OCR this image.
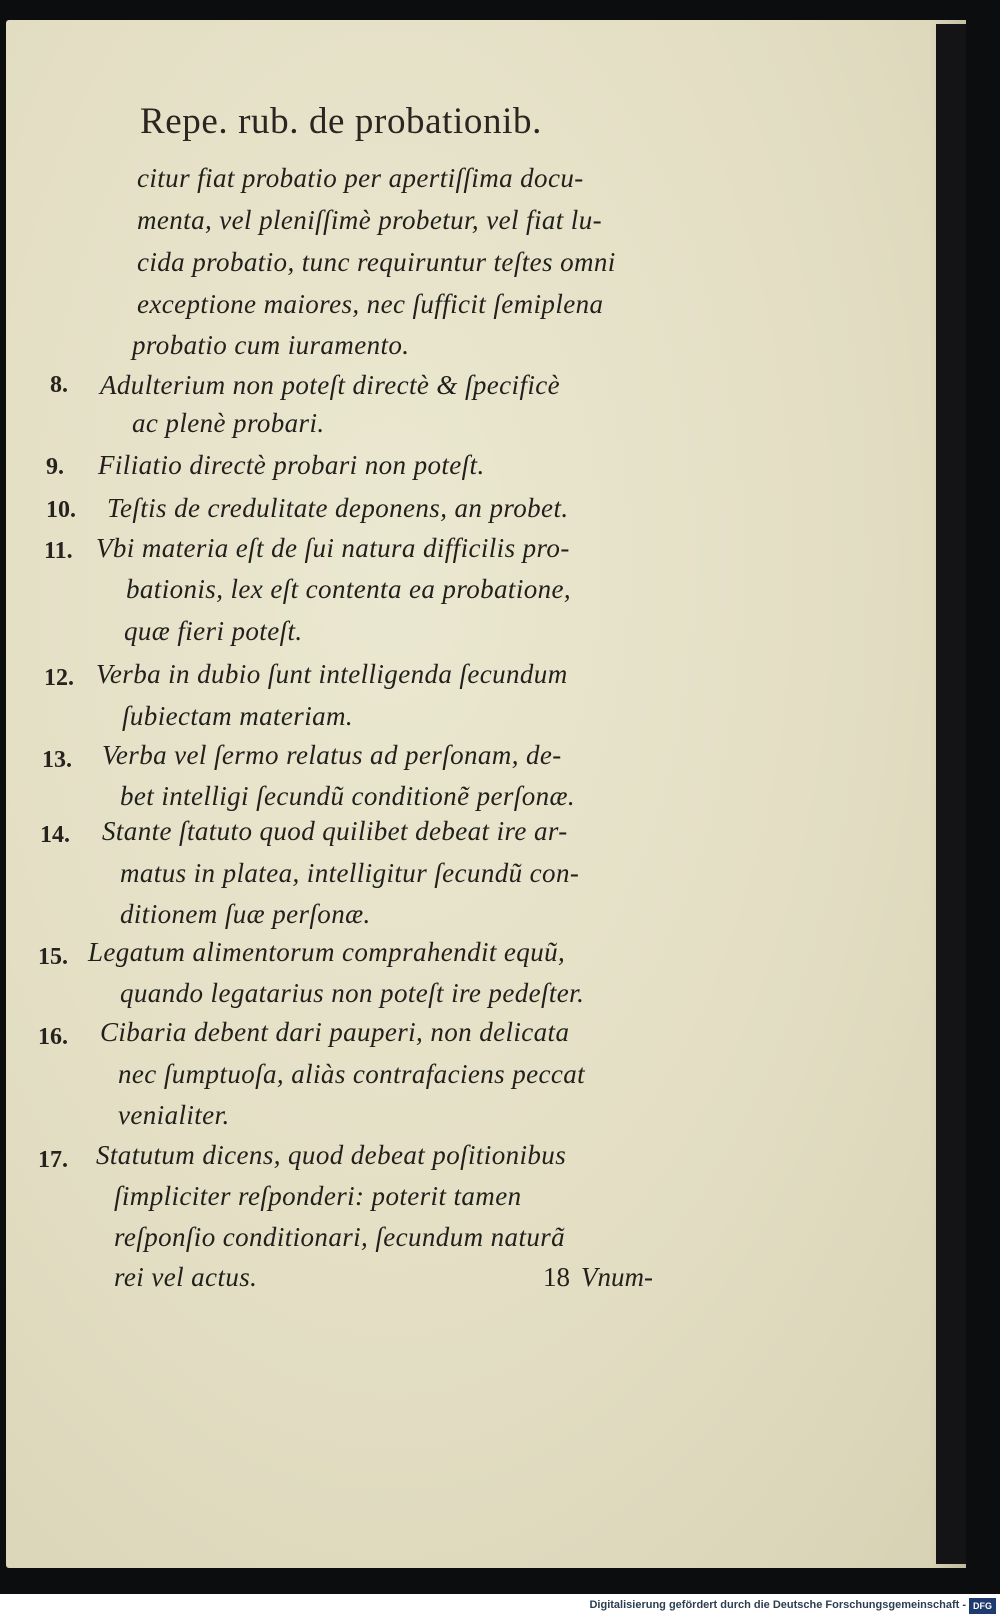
Repe. rub. de probationib.

citur fiat probatio per apertiſſima docu-

menta, vel pleniſſimè probetur, vel fiat lu-

cida probatio, tunc requiruntur teſtes omni

exceptione maiores, nec ſufficit ſemiplena

probatio cum iuramento.

8. Adulterium non poteſt directè & ſpecificè

ac plenè probari.

9. Filiatio directè probari non poteſt.

10. Teſtis de credulitate deponens, an probet.

11. Vbi materia eſt de ſui natura difficilis pro-

bationis, lex eſt contenta ea probatione,

quæ fieri poteſt.

12. Verba in dubio ſunt intelligenda ſecundum

ſubiectam materiam.

13. Verba vel ſermo relatus ad perſonam, de-

bet intelligi ſecundũ conditionẽ perſonæ.

14. Stante ſtatuto quod quilibet debeat ire ar-

matus in platea, intelligitur ſecundũ con-

ditionem ſuæ perſonæ.

15. Legatum alimentorum comprahendit equũ,

quando legatarius non poteſt ire pedeſter.

16. Cibaria debent dari pauperi, non delicata

nec ſumptuoſa, aliàs contrafaciens peccat

venialiter.

17. Statutum dicens, quod debeat poſitionibus

ſimpliciter reſponderi: poterit tamen

reſponſio conditionari, ſecundum naturã

rei vel actus.	18 Vnum-
Digitalisierung gefördert durch die Deutsche Forschungsgemeinschaft - DFG
